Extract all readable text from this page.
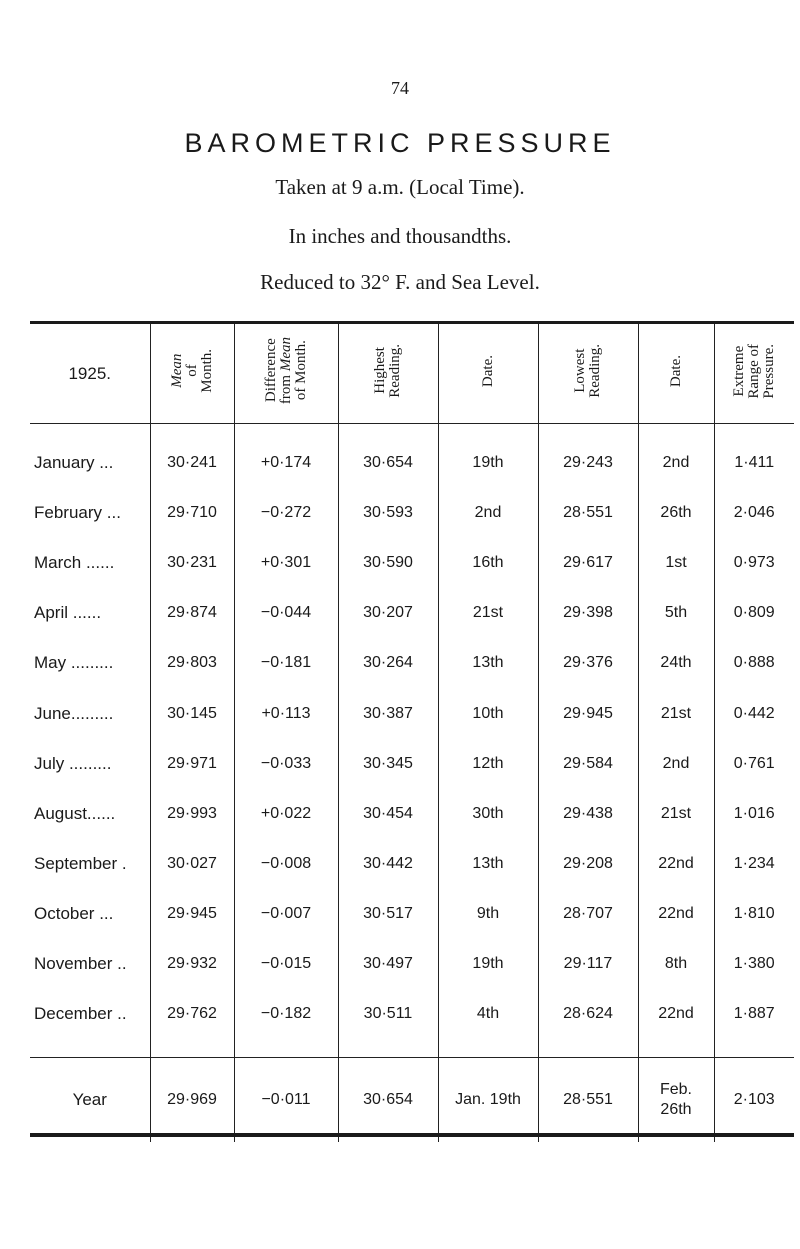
74
BAROMETRIC PRESSURE
Taken at 9 a.m. (Local Time).
In inches and thousandths.
Reduced to 32° F. and Sea Level.
1925.	Mean
of
Month.	Difference
from Mean
of Month.	Highest
Reading.	Date.	Lowest
Reading.	Date.	Extreme
Range of
Pressure.

January ...	30·241	+0·174	30·654	19th	29·243	2nd	1·411
February ...	29·710	−0·272	30·593	2nd	28·551	26th	2·046
March ......	30·231	+0·301	30·590	16th	29·617	1st	0·973
April ......	29·874	−0·044	30·207	21st	29·398	5th	0·809
May .........	29·803	−0·181	30·264	13th	29·376	24th	0·888
June.........	30·145	+0·113	30·387	10th	29·945	21st	0·442
July .........	29·971	−0·033	30·345	12th	29·584	2nd	0·761
August......	29·993	+0·022	30·454	30th	29·438	21st	1·016
September .	30·027	−0·008	30·442	13th	29·208	22nd	1·234
October ...	29·945	−0·007	30·517	9th	28·707	22nd	1·810
November ..	29·932	−0·015	30·497	19th	29·117	8th	1·380
December ..	29·762	−0·182	30·511	4th	28·624	22nd	1·887

Year	29·969	−0·011	30·654	Jan. 19th	28·551	Feb.
26th	2·103
